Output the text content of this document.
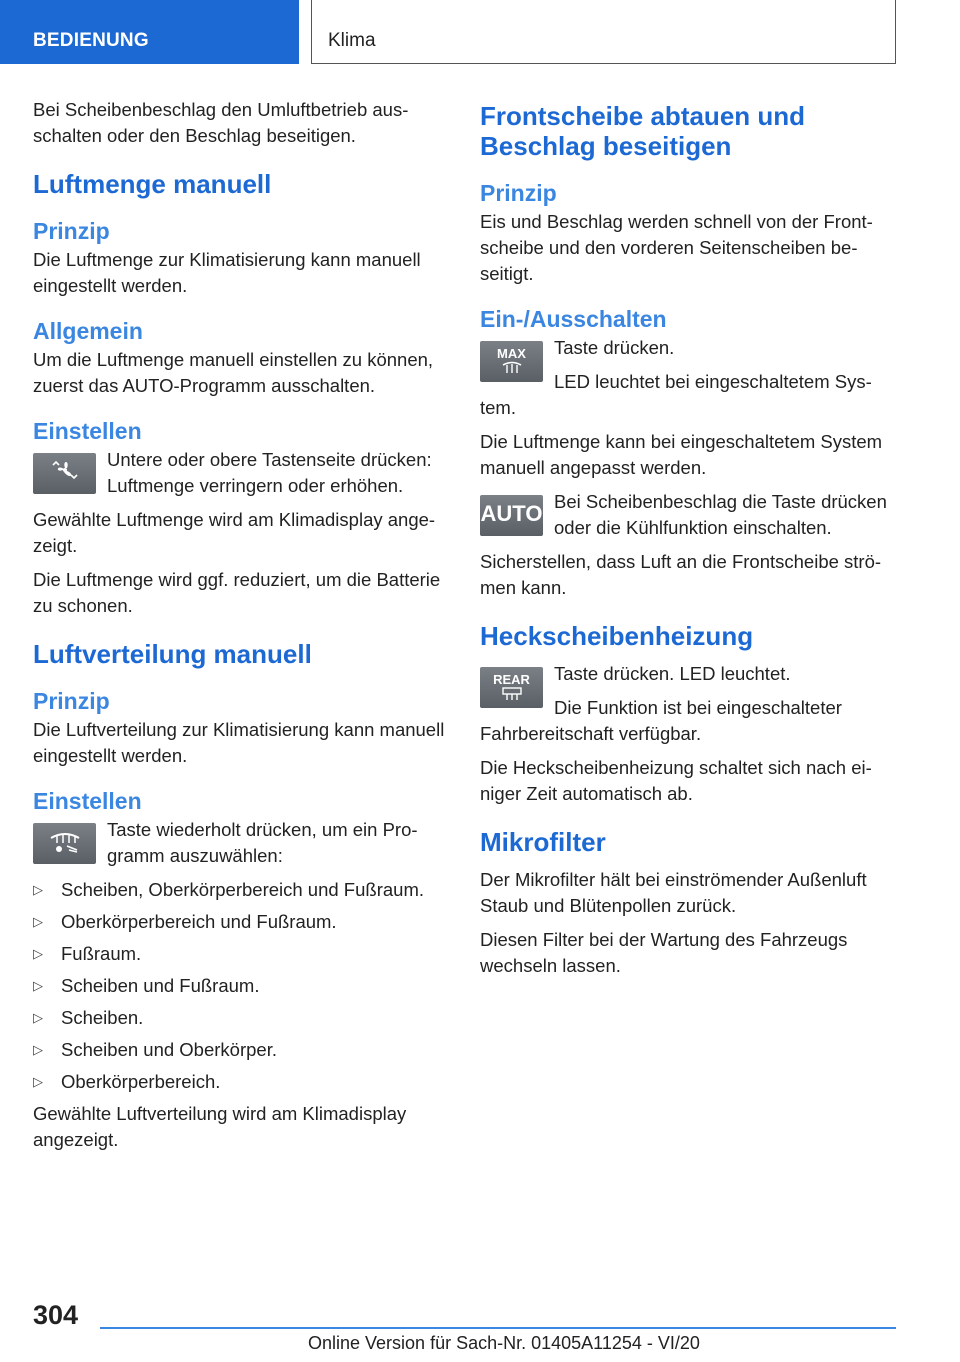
BEDIENUNG	Klima

Bei Scheibenbeschlag den Umluftbetrieb ausschalten oder den Beschlag beseitigen.

Luftmenge manuell
Prinzip

Die Luftmenge zur Klimatisierung kann manuell eingestellt werden.

Allgemein

Um die Luftmenge manuell einstellen zu können, zuerst das AUTO-Programm ausschalten.

Einstellen

Untere oder obere Tastenseite drücken: Luftmenge verringern oder erhöhen.

Gewählte Luftmenge wird am Klimadisplay angezeigt.

Die Luftmenge wird ggf. reduziert, um die Batterie zu schonen.

Luftverteilung manuell
Prinzip

Die Luftverteilung zur Klimatisierung kann manuell eingestellt werden.

Einstellen

Taste wiederholt drücken, um ein Programm auszuwählen:

▷ Scheiben, Oberkörperbereich und Fußraum.
▷ Oberkörperbereich und Fußraum.
▷ Fußraum.
▷ Scheiben und Fußraum.
▷ Scheiben.
▷ Scheiben und Oberkörper.
▷ Oberkörperbereich.

Gewählte Luftverteilung wird am Klimadisplay angezeigt.

Frontscheibe abtauen und Beschlag beseitigen
Prinzip

Eis und Beschlag werden schnell von der Frontscheibe und den vorderen Seitenscheiben beseitigt.

Ein-/Ausschalten
MAX	Taste drücken.

LED leuchtet bei eingeschaltetem System.

Die Luftmenge kann bei eingeschaltetem System manuell angepasst werden.

AUTO Bei Scheibenbeschlag die Taste drücken oder die Kühlfunktion einschalten.

Sicherstellen, dass Luft an die Frontscheibe strömen kann.

Heckscheibenheizung
REAR	Taste drücken. LED leuchtet.

Die Funktion ist bei eingeschalteter Fahrbereitschaft verfügbar.

Die Heckscheibenheizung schaltet sich nach einiger Zeit automatisch ab.

Mikrofilter

Der Mikrofilter hält bei einströmender Außenluft Staub und Blütenpollen zurück.

Diesen Filter bei der Wartung des Fahrzeugs wechseln lassen.

304
Online Version für Sach-Nr. 01405A11254 - VI/20
